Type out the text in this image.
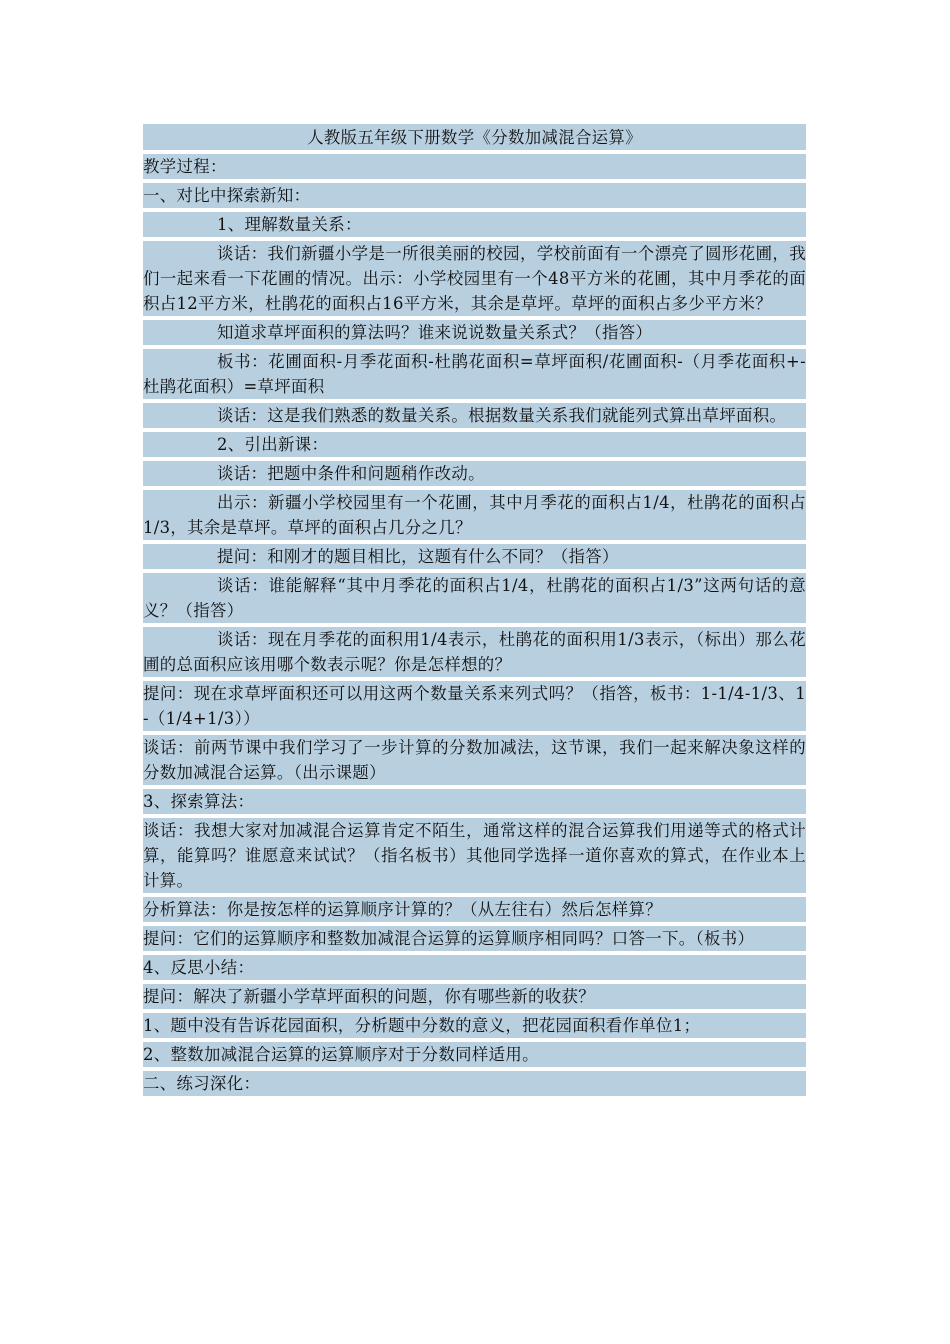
人教版五年级下册数学《分数加减混合运算》
教学过程：
一、对比中探索新知：
1、理解数量关系：
谈话：我们新疆小学是一所很美丽的校园，学校前面有一个漂亮了圆形花圃，我们一起来看一下花圃的情况。出示：小学校园里有一个48平方米的花圃，其中月季花的面积占12平方米，杜鹃花的面积占16平方米，其余是草坪。草坪的面积占多少平方米？
知道求草坪面积的算法吗？谁来说说数量关系式？（指答）
板书：花圃面积-月季花面积-杜鹃花面积=草坪面积/花圃面积-（月季花面积+-杜鹃花面积）=草坪面积
谈话：这是我们熟悉的数量关系。根据数量关系我们就能列式算出草坪面积。
2、引出新课：
谈话：把题中条件和问题稍作改动。
出示：新疆小学校园里有一个花圃，其中月季花的面积占1/4，杜鹃花的面积占1/3，其余是草坪。草坪的面积占几分之几？
提问：和刚才的题目相比，这题有什么不同？（指答）
谈话：谁能解释“其中月季花的面积占1/4，杜鹃花的面积占1/3”这两句话的意义？（指答）
谈话：现在月季花的面积用1/4表示，杜鹃花的面积用1/3表示，（标出）那么花圃的总面积应该用哪个数表示呢？你是怎样想的？
提问：现在求草坪面积还可以用这两个数量关系来列式吗？（指答，板书：1-1/4-1/3、1-（1/4+1/3））
谈话：前两节课中我们学习了一步计算的分数加减法，这节课，我们一起来解决象这样的分数加减混合运算。（出示课题）
3、探索算法：
谈话：我想大家对加减混合运算肯定不陌生，通常这样的混合运算我们用递等式的格式计算，能算吗？谁愿意来试试？（指名板书）其他同学选择一道你喜欢的算式，在作业本上计算。
分析算法：你是按怎样的运算顺序计算的？（从左往右）然后怎样算？
提问：它们的运算顺序和整数加减混合运算的运算顺序相同吗？口答一下。（板书）
4、反思小结：
提问：解决了新疆小学草坪面积的问题，你有哪些新的收获？
1、题中没有告诉花园面积，分析题中分数的意义，把花园面积看作单位1；
2、整数加减混合运算的运算顺序对于分数同样适用。
二、练习深化：
